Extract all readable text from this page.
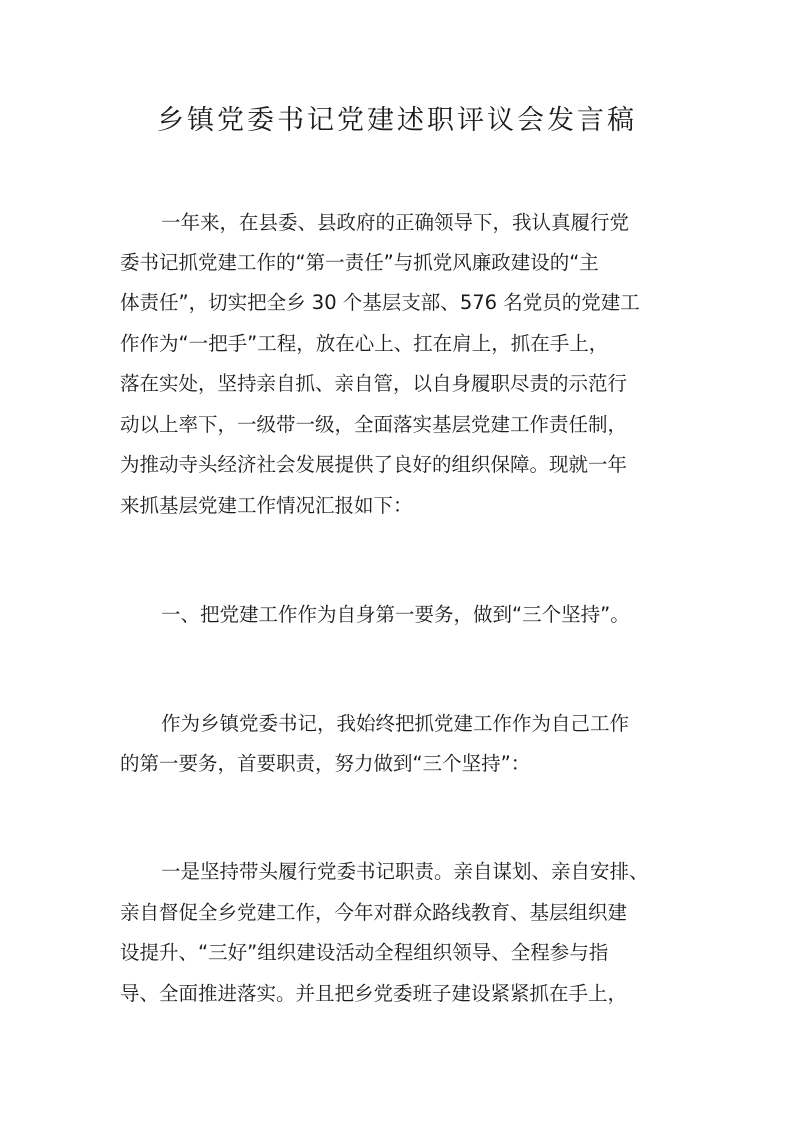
乡镇党委书记党建述职评议会发言稿

一年来，在县委、县政府的正确领导下，我认真履行党

委书记抓党建工作的“第一责任”与抓党风廉政建设的“主

体责任”，切实把全乡 30 个基层支部、576 名党员的党建工

作作为“一把手”工程，放在心上、扛在肩上，抓在手上，

落在实处，坚持亲自抓、亲自管，以自身履职尽责的示范行

动以上率下，一级带一级，全面落实基层党建工作责任制，

为推动寺头经济社会发展提供了良好的组织保障。现就一年

来抓基层党建工作情况汇报如下：

一、把党建工作作为自身第一要务，做到“三个坚持”。

作为乡镇党委书记，我始终把抓党建工作作为自己工作

的第一要务，首要职责，努力做到“三个坚持”：

一是坚持带头履行党委书记职责。亲自谋划、亲自安排、

亲自督促全乡党建工作，今年对群众路线教育、基层组织建

设提升、“三好”组织建设活动全程组织领导、全程参与指

导、全面推进落实。并且把乡党委班子建设紧紧抓在手上，
